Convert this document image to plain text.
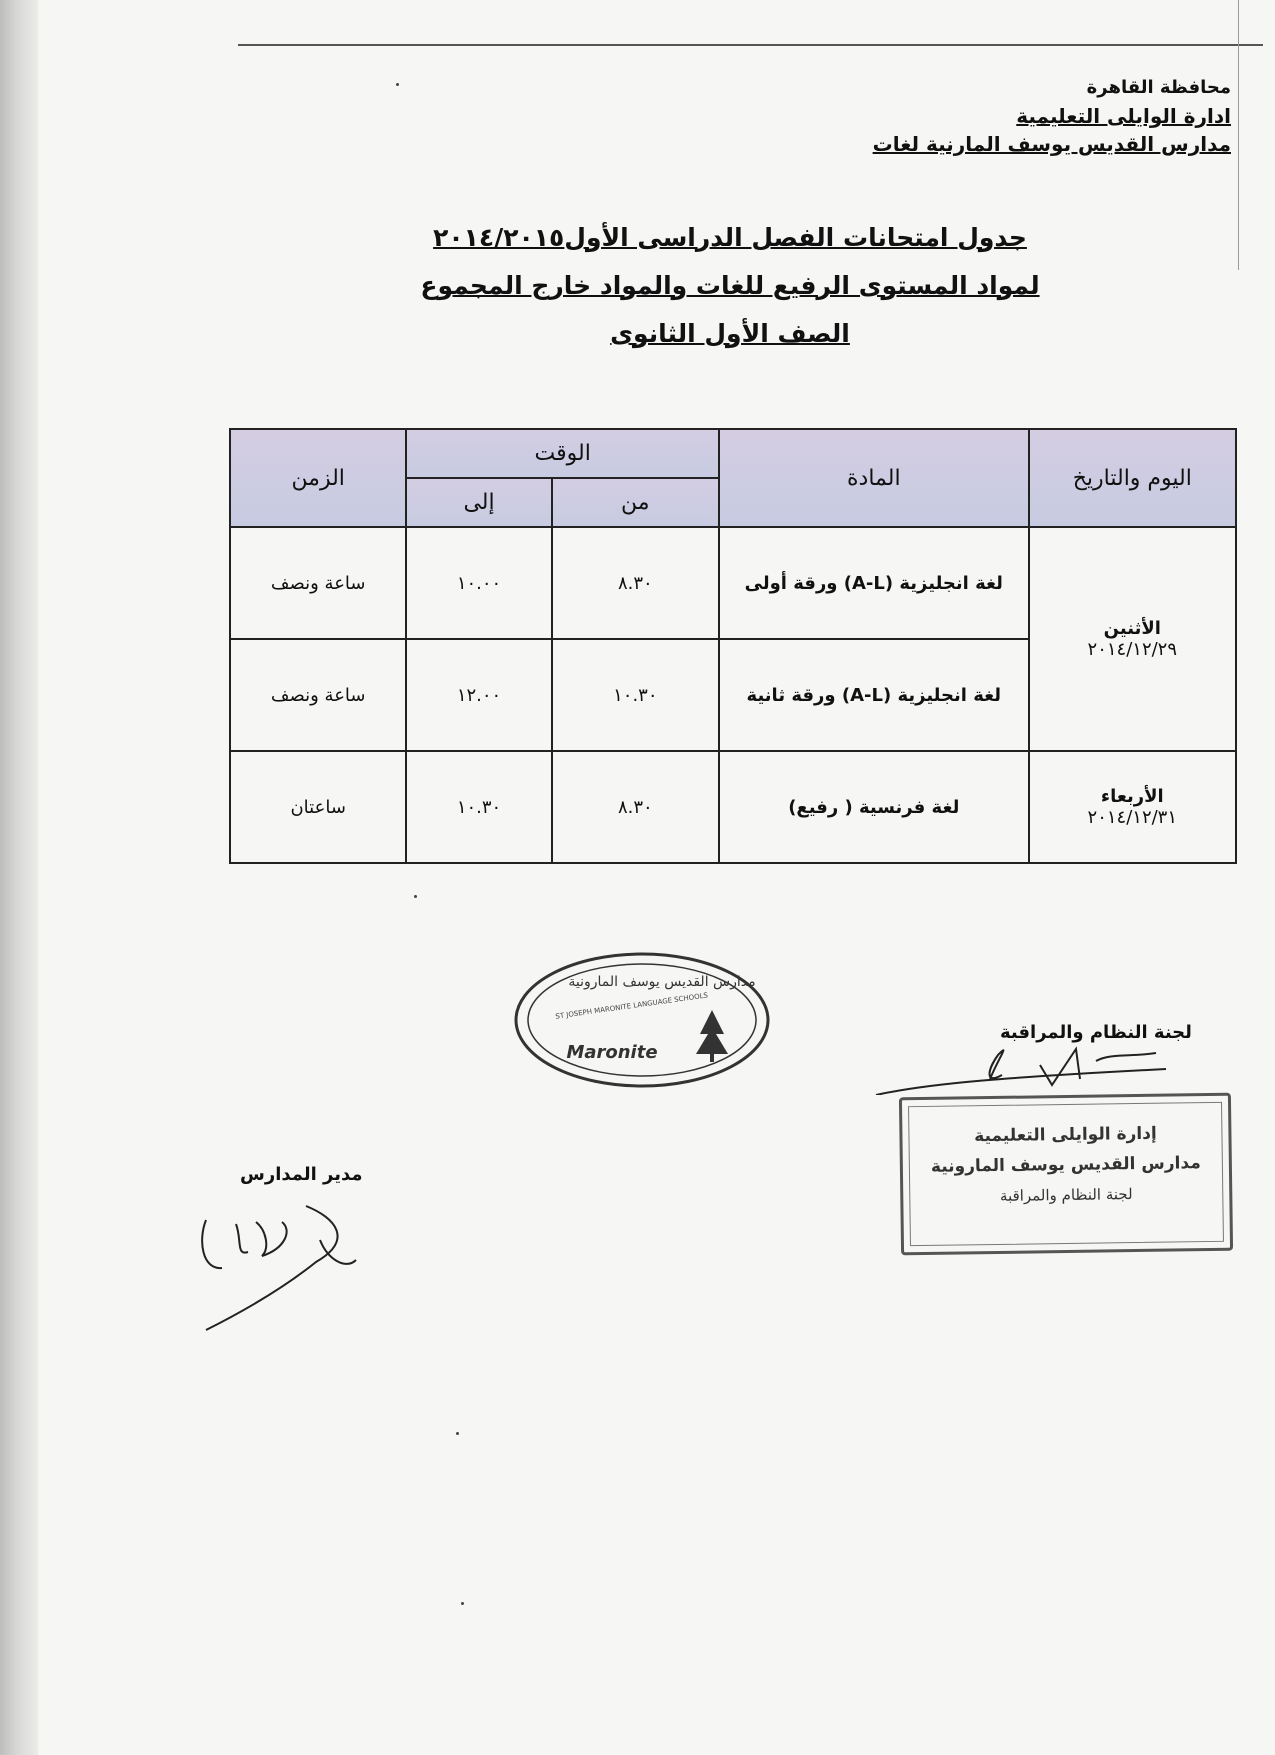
محافظة القاهرة
ادارة الوايلى التعليمية
مدارس القديس يوسف المارنية لغات
جدول امتحانات الفصل الدراسى الأول٢٠١٤/٢٠١٥
لمواد المستوى الرفيع للغات والمواد خارج المجموع
الصف الأول الثانوى
اليوم والتاريخ	المادة	الوقت		الزمن
		من	إلى	

الأثنين
٢٠١٤/١٢/٢٩	لغة انجليزية (A-L) ورقة أولى	٨.٣٠	١٠.٠٠	ساعة ونصف
	لغة انجليزية (A-L) ورقة ثانية	١٠.٣٠	١٢.٠٠	ساعة ونصف

الأربعاء
٢٠١٤/١٢/٣١	لغة فرنسية ( رفيع)	٨.٣٠	١٠.٣٠	ساعتان
مدارس القديس يوسف المارونية
ST JOSEPH MARONITE LANGUAGE SCHOOLS
Maronite
إدارة الوايلى التعليمية
مدارس القديس يوسف المارونية
لجنة النظام والمراقبة
لجنة النظام والمراقبة
مدير المدارس
